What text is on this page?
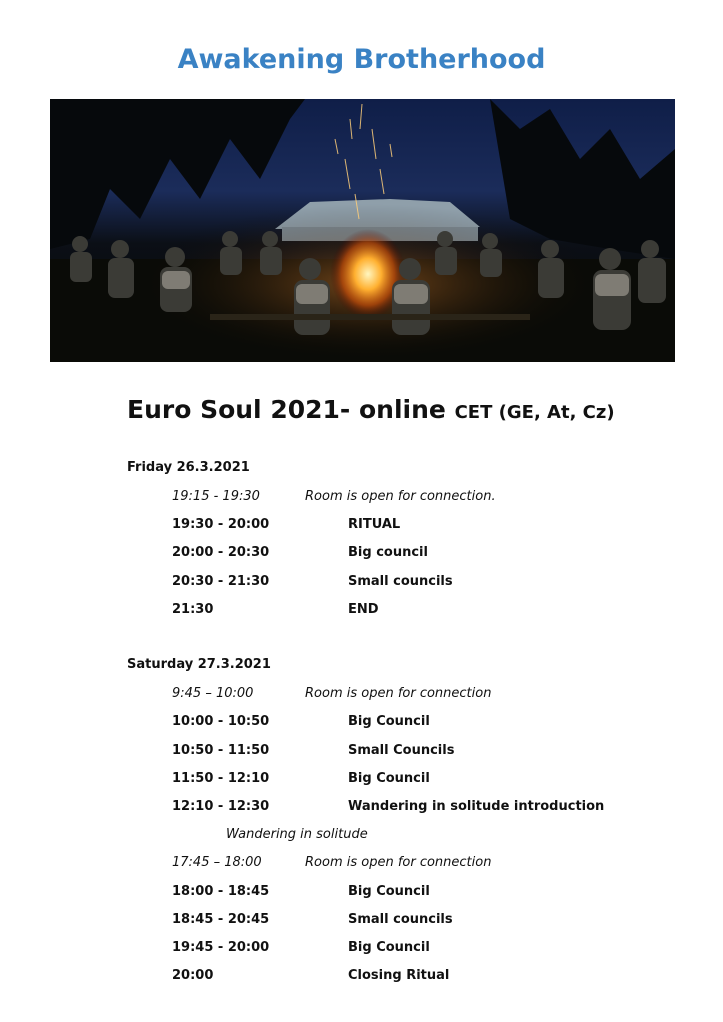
Awakening Brotherhood
Euro Soul 2021- online CET (GE, At, Cz)
Friday 26.3.2021
19:15 - 19:30	Room is open for connection.
19:30 - 20:00	RITUAL
20:00 - 20:30	Big council
20:30 - 21:30	Small councils
21:30	END
Saturday 27.3.2021
9:45 – 10:00	Room is open for connection
10:00 - 10:50	Big Council
10:50 - 11:50	Small Councils
11:50 - 12:10	Big Council
12:10 - 12:30	Wandering in solitude introduction
Wandering in solitude
17:45 – 18:00	Room is open for connection
18:00 - 18:45	Big Council
18:45 - 20:45	Small councils
19:45 - 20:00	Big Council
20:00	Closing Ritual
